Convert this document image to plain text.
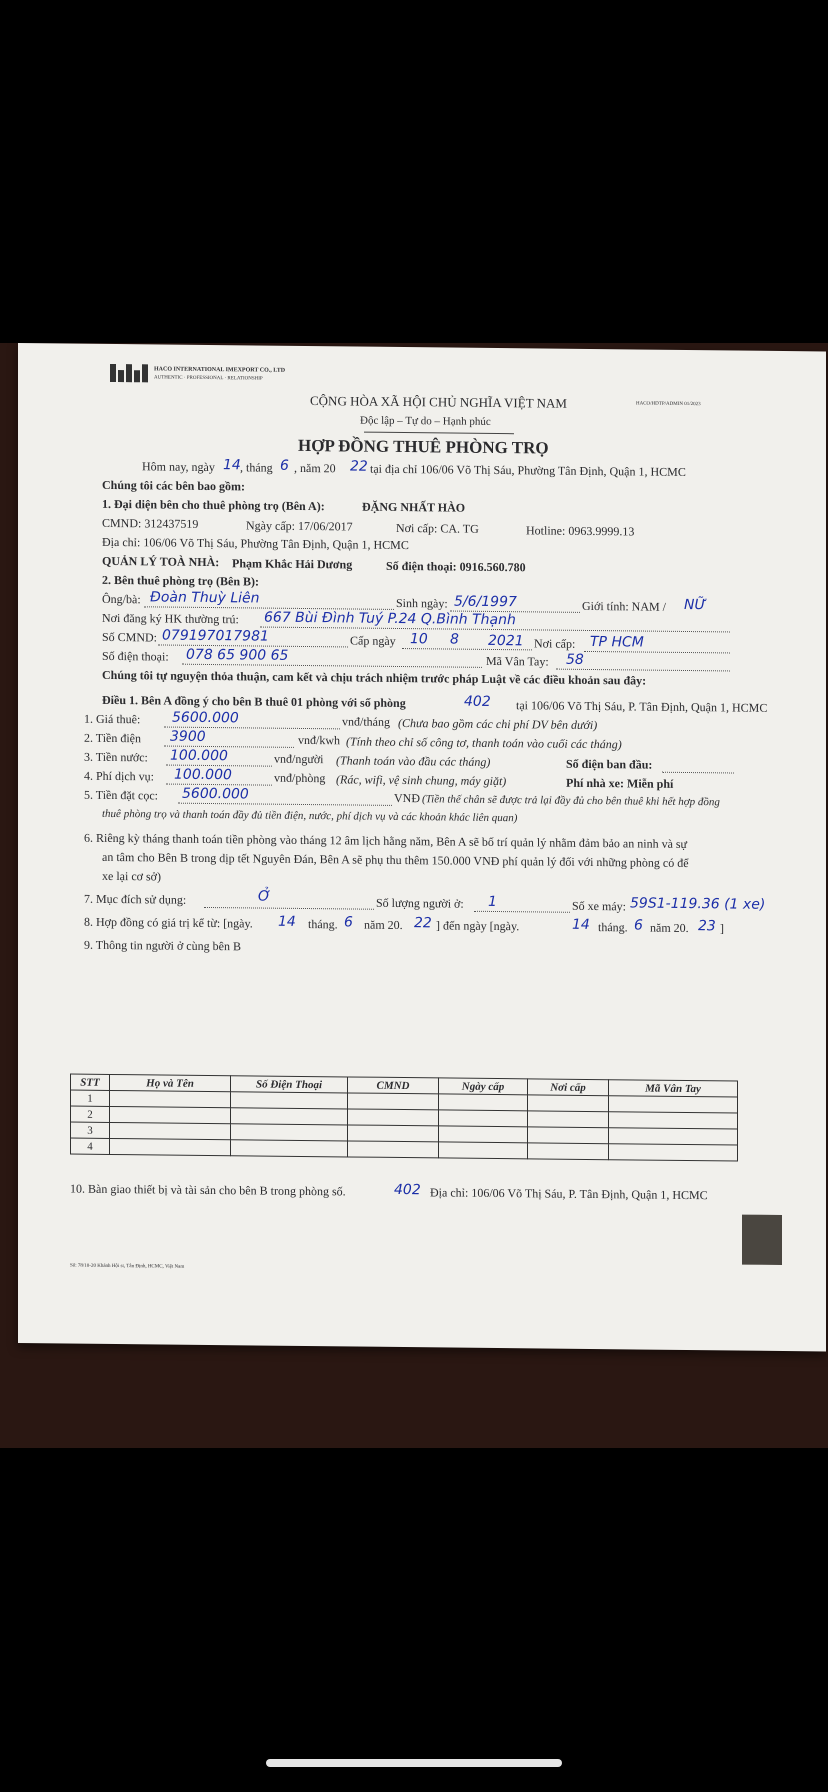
HACO INTERNATIONAL IMEXPORT CO., LTD
AUTHENTIC · PROFESSIONAL · RELATIONSHIP
HACO/HDTP/ADMIN 01/2023
CỘNG HÒA XÃ HỘI CHỦ NGHĨA VIỆT NAM
Độc lập – Tự do – Hạnh phúc
HỢP ĐỒNG THUÊ PHÒNG TRỌ
Hôm nay, ngày 14 , tháng 6 , năm 20 22 tại địa chỉ 106/06 Võ Thị Sáu, Phường Tân Định, Quận 1, HCMC
Chúng tôi các bên bao gồm:
1. Đại diện bên cho thuê phòng trọ (Bên A):	ĐẶNG NHẤT HÀO
CMND: 312437519	Ngày cấp: 17/06/2017	Nơi cấp: CA. TG	Hotline: 0963.9999.13
Địa chỉ: 106/06 Võ Thị Sáu, Phường Tân Định, Quận 1, HCMC
QUẢN LÝ TOÀ NHÀ: Phạm Khắc Hải Dương	Số điện thoại: 0916.560.780
2. Bên thuê phòng trọ (Bên B):
Ông/bà: Đoàn Thuỳ Liên	Sinh ngày: 5/6/1997	Giới tính: NAM / NỮ
Nơi đăng ký HK thường trú: 667 Bùi Đình Tuý P.24 Q.Bình Thạnh
Số CMND: 079197017981	Cấp ngày 10 8 2021 Nơi cấp: TP HCM
Số điện thoại: 078 65 900 65	Mã Vân Tay: 58
Chúng tôi tự nguyện thỏa thuận, cam kết và chịu trách nhiệm trước pháp Luật về các điều khoản sau đây:
Điều 1. Bên A đồng ý cho bên B thuê 01 phòng với số phòng	402 tại 106/06 Võ Thị Sáu, P. Tân Định, Quận 1, HCMC
1. Giá thuê: 5600.000	vnđ/tháng (Chưa bao gồm các chi phí DV bên dưới)
2. Tiền điện 3900	vnđ/kwh (Tính theo chỉ số công tơ, thanh toán vào cuối các tháng)
3. Tiền nước: 100.000	vnđ/người (Thanh toán vào đầu các tháng)	Số điện ban đầu:
4. Phí dịch vụ: 100.000	vnđ/phòng (Rác, wifi, vệ sinh chung, máy giặt)	Phí nhà xe: Miễn phí
5. Tiền đặt cọc: 5600.000	VNĐ (Tiền thế chân sẽ được trả lại đầy đủ cho bên thuê khi hết hợp đồng
thuê phòng trọ và thanh toán đầy đủ tiền điện, nước, phí dịch vụ và các khoản khác liên quan)
6. Riêng kỳ tháng thanh toán tiền phòng vào tháng 12 âm lịch hằng năm, Bên A sẽ bố trí quản lý nhằm đảm bảo an ninh và sự
an tâm cho Bên B trong dịp tết Nguyên Đán, Bên A sẽ phụ thu thêm 150.000 VNĐ phí quản lý đối với những phòng có để
xe lại cơ sở)
7. Mục đích sử dụng:	Ở	Số lượng người ở: 1	Số xe máy: 59S1-119.36 (1 xe)
8. Hợp đồng có giá trị kể từ: [ngày. 14 tháng. 6 năm 20. 22 ] đến ngày [ngày.	14 tháng. 6 năm 20. 23 ]
9. Thông tin người ở cùng bên B
STT	Họ và Tên	Số Điện Thoại	CMND	Ngày cấp	Nơi cấp	Mã Vân Tay
1						
2						
3						
4						
10. Bàn giao thiết bị và tài sản cho bên B trong phòng số.	402 Địa chỉ: 106/06 Võ Thị Sáu, P. Tân Định, Quận 1, HCMC
Số: 78/10-20 Khánh Hội st, Tân Định, HCMC, Việt Nam
